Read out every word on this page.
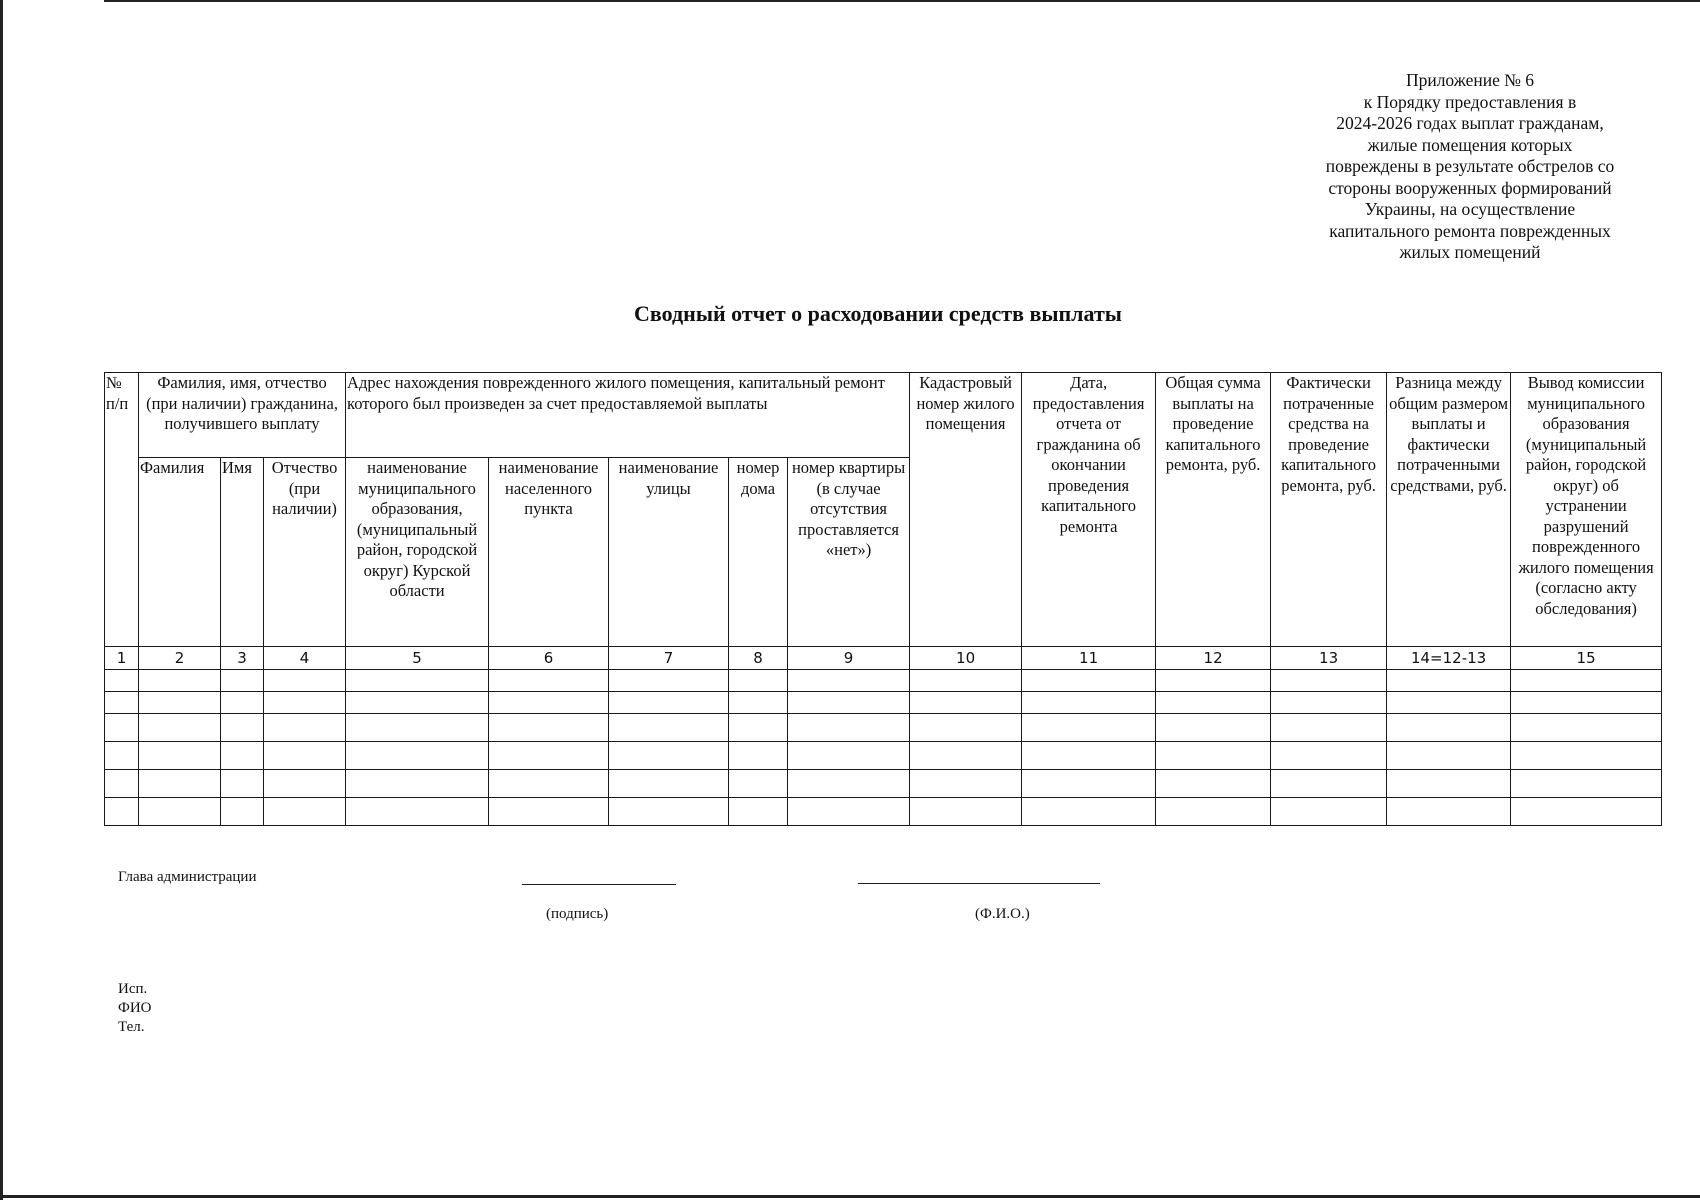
Приложение № 6
к Порядку предоставления в
2024-2026 годах выплат гражданам,
жилые помещения которых
повреждены в результате обстрелов со
стороны вооруженных формирований
Украины, на осуществление
капитального ремонта поврежденных
жилых помещений
Сводный отчет о расходовании средств выплаты
№ п/п	Фамилия, имя, отчество (при наличии) гражданина, получившего выплату			Адрес нахождения поврежденного жилого помещения, капитальный ремонт которого был произведен за счет предоставляемой выплаты					Кадастровый номер жилого помещения	Дата, предоставления отчета от гражданина об окончании проведения капитального ремонта	Общая сумма выплаты на проведение капитального ремонта, руб.	Фактически потраченные средства на проведение капитального ремонта, руб.	Разница между общим размером выплаты и фактически потраченными средствами, руб.	Вывод комиссии муниципального образования (муниципальный район, городской округ) об устранении разрушений поврежденного жилого помещения (согласно акту обследования)
	Фамилия	Имя	Отчество (при наличии)	наименование муниципального образования, (муниципальный район, городской округ) Курской области	наименование населенного пункта	наименование улицы	номер дома	номер квартиры (в случае отсутствия проставляется «нет»)						
1	2	3	4	5	6	7	8	9	10	11	12	13	14=12-13	15

Глава администрации
(подпись)	(Ф.И.О.)
Исп.
ФИО
Тел.
